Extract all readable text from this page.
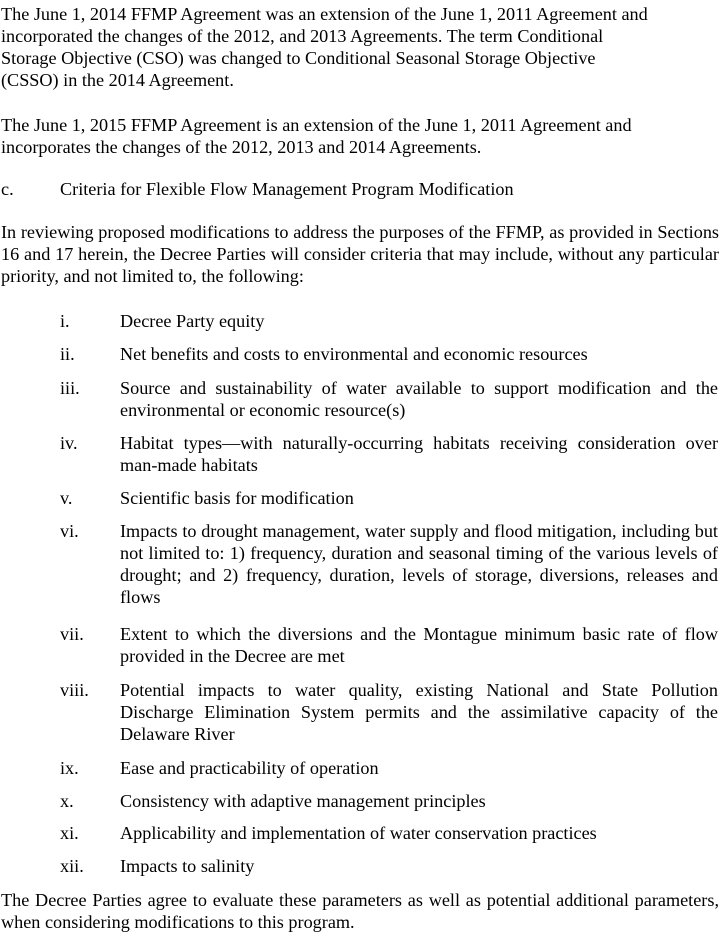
The June 1, 2014 FFMP Agreement was an extension of the June 1, 2011 Agreement and
incorporated the changes of the 2012, and 2013 Agreements. The term Conditional
Storage Objective (CSO) was changed to Conditional Seasonal Storage Objective
(CSSO) in the 2014 Agreement.

The June 1, 2015 FFMP Agreement is an extension of the June 1, 2011 Agreement and
incorporates the changes of the 2012, 2013 and 2014 Agreements.

c.	Criteria for Flexible Flow Management Program Modification

In reviewing proposed modifications to address the purposes of the FFMP, as provided in Sections 16 and 17 herein, the Decree Parties will consider criteria that may include, without any particular priority, and not limited to, the following:

i.	Decree Party equity
ii. Net benefits and costs to environmental and economic resources
iii. Source and sustainability of water available to support modification and the environmental or economic resource(s)
iv. Habitat types—with naturally-occurring habitats receiving consideration over man-made habitats
v.	Scientific basis for modification
vi. Impacts to drought management, water supply and flood mitigation, including but not limited to: 1) frequency, duration and seasonal timing of the various levels of drought; and 2) frequency, duration, levels of storage, diversions, releases and flows
vii. Extent to which the diversions and the Montague minimum basic rate of flow provided in the Decree are met
viii. Potential impacts to water quality, existing National and State Pollution Discharge Elimination System permits and the assimilative capacity of the Delaware River
ix. Ease and practicability of operation
x.	Consistency with adaptive management principles
xi. Applicability and implementation of water conservation practices
xii. Impacts to salinity

The Decree Parties agree to evaluate these parameters as well as potential additional parameters, when considering modifications to this program.
